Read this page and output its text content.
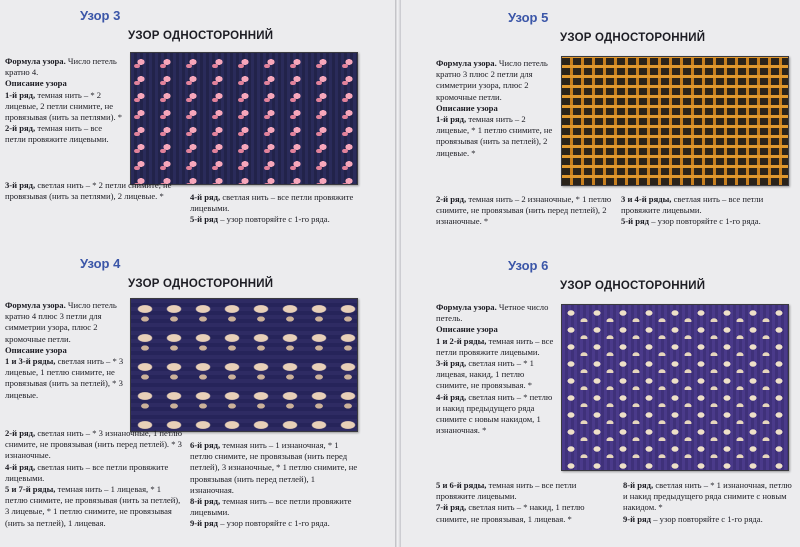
Узор 3
УЗОР ОДНОСТОРОННИЙ

Формула узора. Число петель кратно 4.

Описание узора

1-й ряд, темная нить – * 2 лицевые, 2 петли снимите, не провязывая (нить за петлями). *

2-й ряд, темная нить – все петли провяжите лицевыми.

3-й ряд, светлая нить – * 2 петли снимите, не провязывая (нить за петлями), 2 лицевые. *	4-й ряд, светлая нить – все петли провяжите лицевыми.

5-й ряд – узор повторяйте с 1-го ряда.

Узор 4
УЗОР ОДНОСТОРОННИЙ

Формула узора. Число петель кратно 4 плюс 3 петли для симметрии узора, плюс 2 кромочные петли.

Описание узора

1 и 3-й ряды, светлая нить – * 3 лицевые, 1 петлю снимите, не провязывая (нить за петлей), * 3 лицевые.

2-й ряд, светлая нить – * 3 изнаночные, 1 петлю снимите, не провязывая (нить перед петлей). * 3 изнаночные.

4-й ряд, светлая нить – все петли провяжите лицевыми.

5 и 7-й ряды, темная нить – 1 лицевая, * 1 петлю снимите, не провязывая (нить за петлей), 3 лицевые, * 1 петлю снимите, не провязывая (нить за петлей), 1 лицевая.

6-й ряд, темная нить – 1 изнаночная, * 1 петлю снимите, не провязывая (нить перед петлей), 3 изнаночные, * 1 петлю снимите, не провязывая (нить перед петлей), 1 изнаночная.

8-й ряд, темная нить – все петли провяжите лицевыми.

9-й ряд – узор повторяйте с 1-го ряда.

Узор 5
УЗОР ОДНОСТОРОННИЙ

Формула узора. Число петель кратно 3 плюс 2 петли для симметрии узора, плюс 2 кромочные петли.

Описание узора

1-й ряд, темная нить – 2 лицевые, * 1 петлю снимите, не провязывая (нить за петлей), 2 лицевые. *

2-й ряд, темная нить – 2 изнаночные, * 1 петлю снимите, не провязывая (нить перед петлей), 2 изнаночные. *

3 и 4-й ряды, светлая нить – все петли провяжите лицевыми.

5-й ряд – узор повторяйте с 1-го ряда.

Узор 6
УЗОР ОДНОСТОРОННИЙ

Формула узора. Четное число петель.

Описание узора

1 и 2-й ряды, темная нить – все петли провяжите лицевыми.

3-й ряд, светлая нить – * 1 лицевая, накид, 1 петлю снимите, не провязывая. *

4-й ряд, светлая нить – * петлю и накид предыдущего ряда снимите с новым накидом, 1 изнаночная. *

5 и 6-й ряды, темная нить – все петли провяжите лицевыми.

7-й ряд, светлая нить – * накид, 1 петлю снимите, не провязывая, 1 лицевая. *

8-й ряд, светлая нить – * 1 изнаночная, петлю и накид предыдущего ряда снимите с новым накидом. *

9-й ряд – узор повторяйте с 1-го ряда.
